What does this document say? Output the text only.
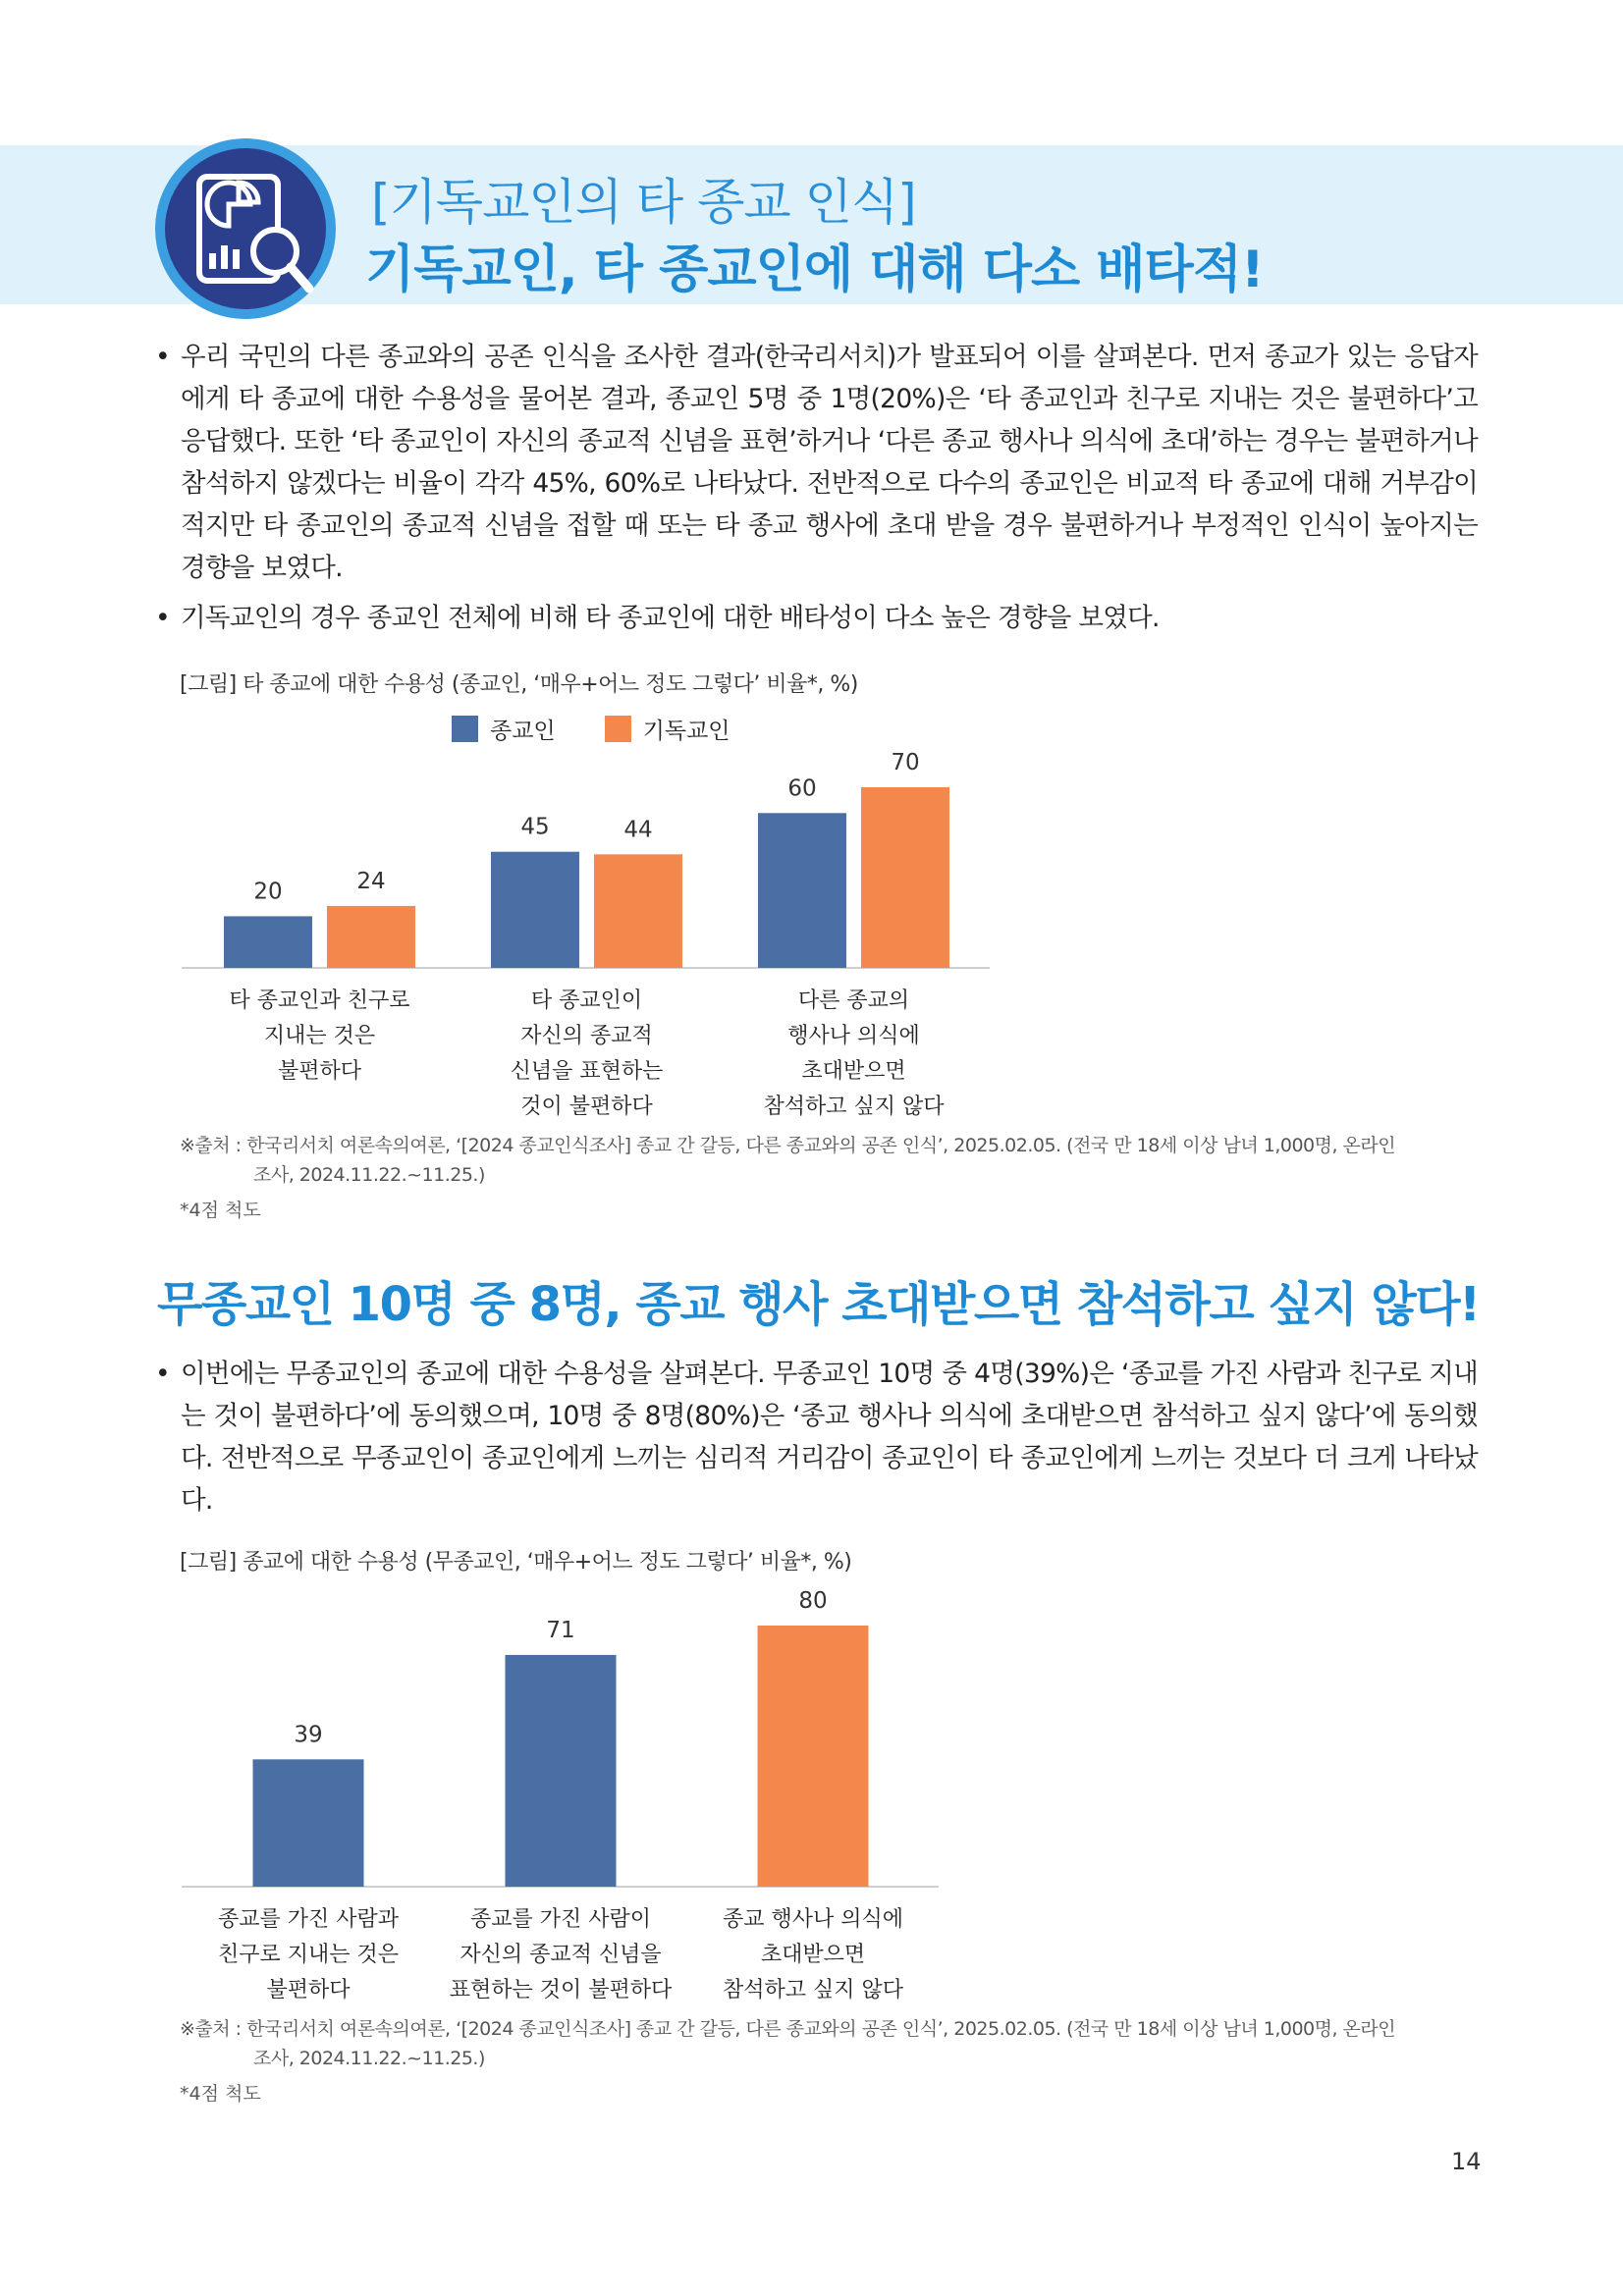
[기독교인의 타 종교 인식]
기독교인, 타 종교인에 대해 다소 배타적!
• 우리 국민의 다른 종교와의 공존 인식을 조사한 결과(한국리서치)가 발표되어 이를 살펴본다. 먼저 종교가 있는 응답자에게 타 종교에 대한 수용성을 물어본 결과, 종교인 5명 중 1명(20%)은 ‘타 종교인과 친구로 지내는 것은 불편하다’고 응답했다. 또한 ‘타 종교인이 자신의 종교적 신념을 표현’하거나 ‘다른 종교 행사나 의식에 초대’하는 경우는 불편하거나 참석하지 않겠다는 비율이 각각 45%, 60%로 나타났다. 전반적으로 다수의 종교인은 비교적 타 종교에 대해 거부감이 적지만 타 종교인의 종교적 신념을 접할 때 또는 타 종교 행사에 초대 받을 경우 불편하거나 부정적인 인식이 높아지는 경향을 보였다.
• 기독교인의 경우 종교인 전체에 비해 타 종교인에 대한 배타성이 다소 높은 경향을 보였다.
[그림] 타 종교에 대한 수용성 (종교인, ‘매우+어느 정도 그렇다’ 비율*, %)
종교인	기독교인
20	24
타 종교인과 친구로
지내는 것은
불편하다
45	44
타 종교인이
자신의 종교적
신념을 표현하는
것이 불편하다
60
70
다른 종교의
행사나 의식에
초대받으면
참석하고 싶지 않다
※출처 : 한국리서치 여론속의여론, ‘[2024 종교인식조사] 종교 간 갈등, 다른 종교와의 공존 인식’, 2025.02.05. (전국 만 18세 이상 남녀 1,000명, 온라인
조사, 2024.11.22.~11.25.)
*4점 척도
무종교인 10명 중 8명, 종교 행사 초대받으면 참석하고 싶지 않다!
• 이번에는 무종교인의 종교에 대한 수용성을 살펴본다. 무종교인 10명 중 4명(39%)은 ‘종교를 가진 사람과 친구로 지내는 것이 불편하다’에 동의했으며, 10명 중 8명(80%)은 ‘종교 행사나 의식에 초대받으면 참석하고 싶지 않다’에 동의했다. 전반적으로 무종교인이 종교인에게 느끼는 심리적 거리감이 종교인이 타 종교인에게 느끼는 것보다 더 크게 나타났다.
[그림] 종교에 대한 수용성 (무종교인, ‘매우+어느 정도 그렇다’ 비율*, %)
39
종교를 가진 사람과
친구로 지내는 것은
불편하다
71
종교를 가진 사람이
자신의 종교적 신념을
표현하는 것이 불편하다
80
종교 행사나 의식에
초대받으면
참석하고 싶지 않다
※출처 : 한국리서치 여론속의여론, ‘[2024 종교인식조사] 종교 간 갈등, 다른 종교와의 공존 인식’, 2025.02.05. (전국 만 18세 이상 남녀 1,000명, 온라인
조사, 2024.11.22.~11.25.)
*4점 척도
14
